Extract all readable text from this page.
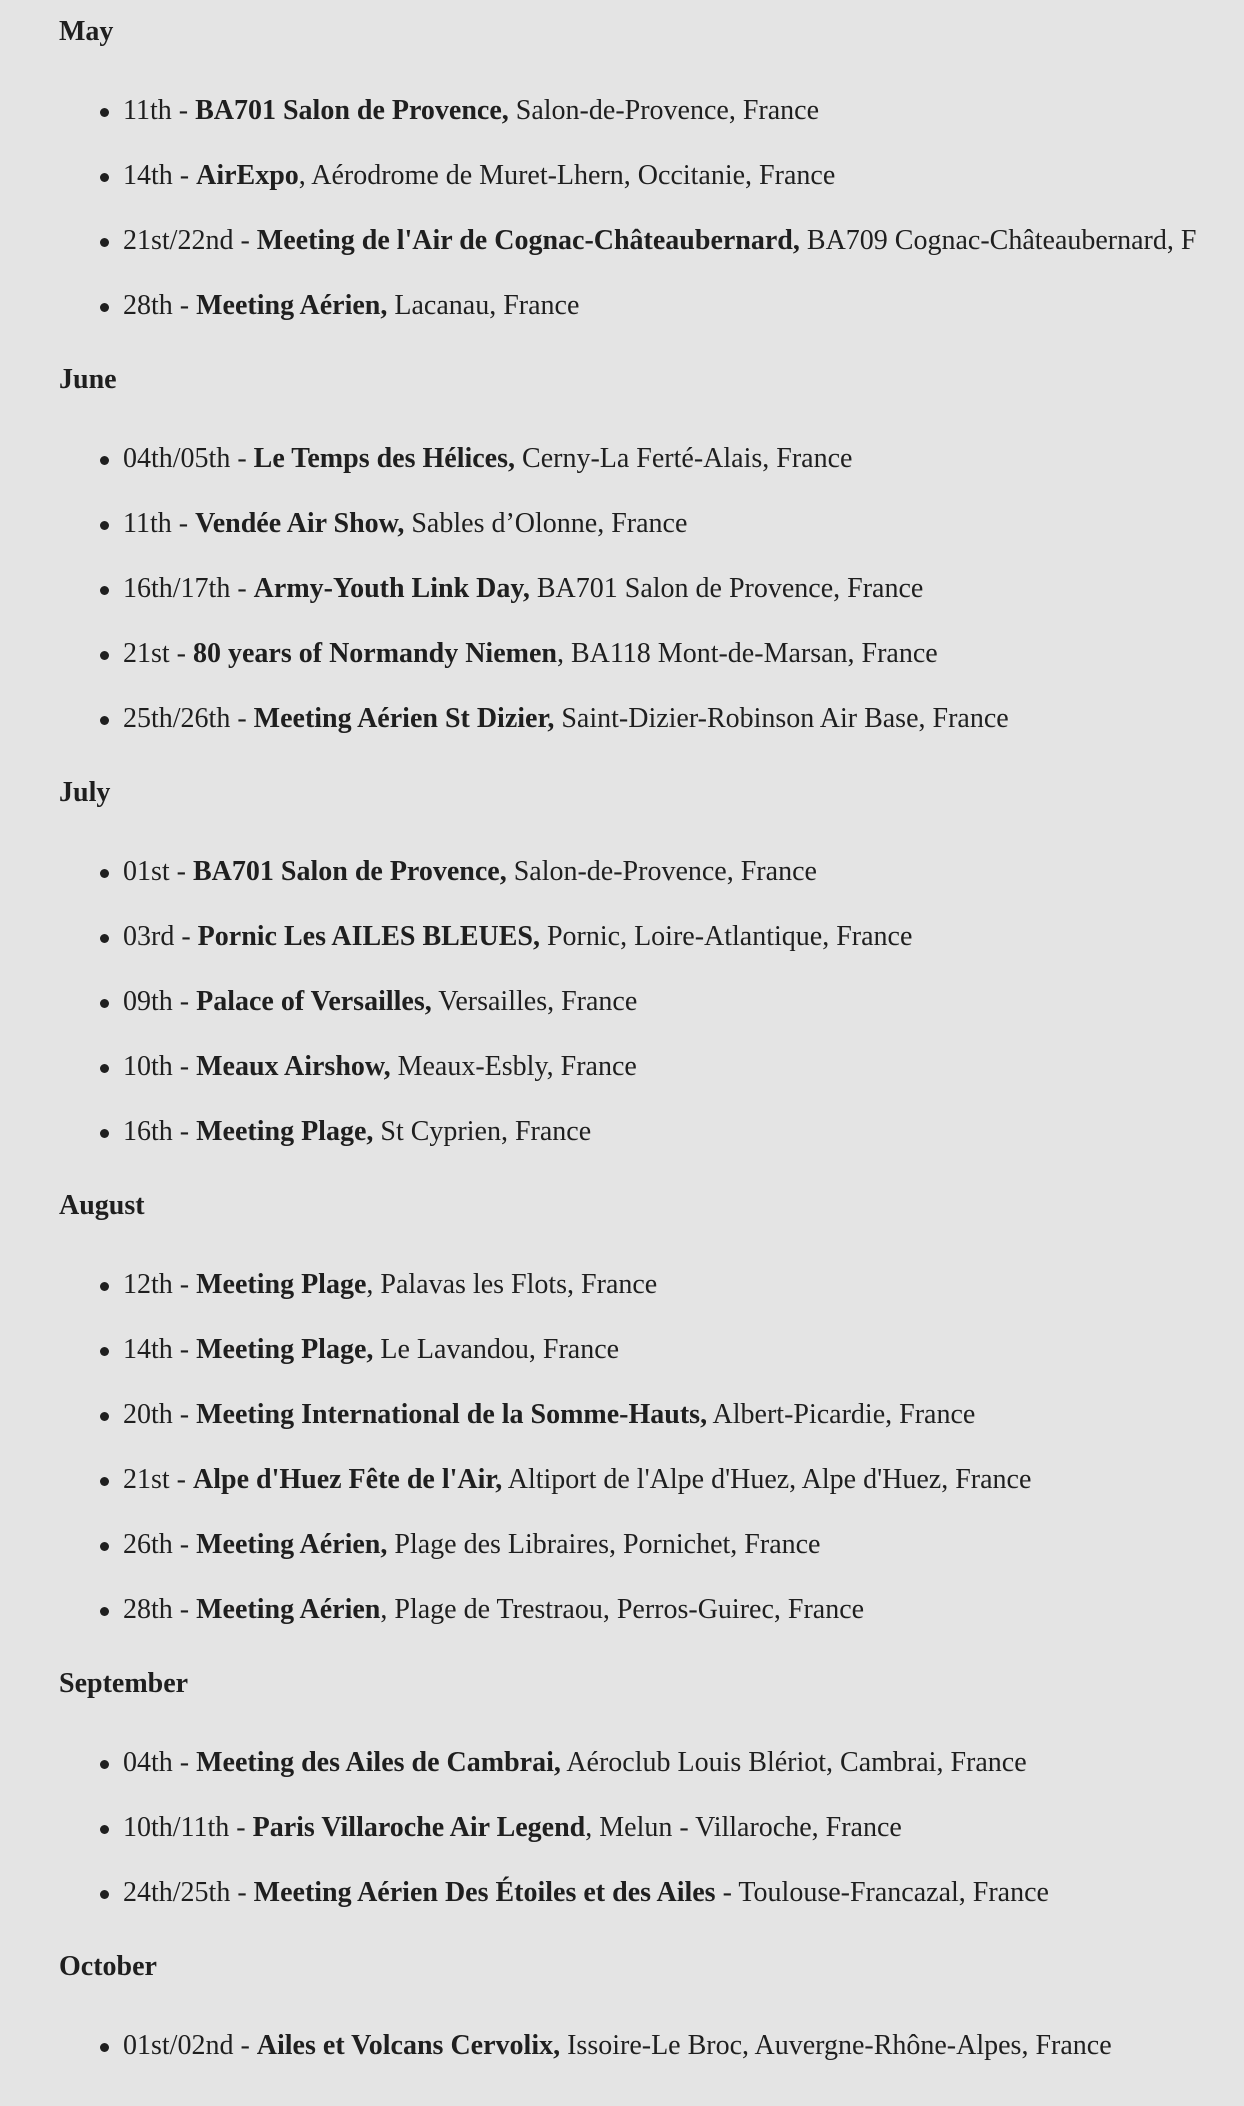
May
11th - BA701 Salon de Provence, Salon-de-Provence, France
14th - AirExpo, Aérodrome de Muret-Lhern, Occitanie, France
21st/22nd - Meeting de l'Air de Cognac-Châteaubernard, BA709 Cognac-Châteaubernard, F
28th - Meeting Aérien, Lacanau, France
June
04th/05th - Le Temps des Hélices, Cerny-La Ferté-Alais, France
11th - Vendée Air Show, Sables d’Olonne, France
16th/17th - Army-Youth Link Day, BA701 Salon de Provence, France
21st - 80 years of Normandy Niemen, BA118 Mont-de-Marsan, France
25th/26th - Meeting Aérien St Dizier, Saint-Dizier-Robinson Air Base, France
July
01st - BA701 Salon de Provence, Salon-de-Provence, France
03rd - Pornic Les AILES BLEUES, Pornic, Loire-Atlantique, France
09th - Palace of Versailles, Versailles, France
10th - Meaux Airshow, Meaux-Esbly, France
16th - Meeting Plage, St Cyprien, France
August
12th - Meeting Plage, Palavas les Flots, France
14th - Meeting Plage, Le Lavandou, France
20th - Meeting International de la Somme-Hauts, Albert-Picardie, France
21st - Alpe d'Huez Fête de l'Air, Altiport de l'Alpe d'Huez, Alpe d'Huez, France
26th - Meeting Aérien, Plage des Libraires, Pornichet, France
28th - Meeting Aérien, Plage de Trestraou, Perros-Guirec, France
September
04th - Meeting des Ailes de Cambrai, Aéroclub Louis Blériot, Cambrai, France
10th/11th - Paris Villaroche Air Legend, Melun - Villaroche, France
24th/25th - Meeting Aérien Des Étoiles et des Ailes - Toulouse-Francazal, France
October
01st/02nd - Ailes et Volcans Cervolix, Issoire-Le Broc, Auvergne-Rhône-Alpes, France
